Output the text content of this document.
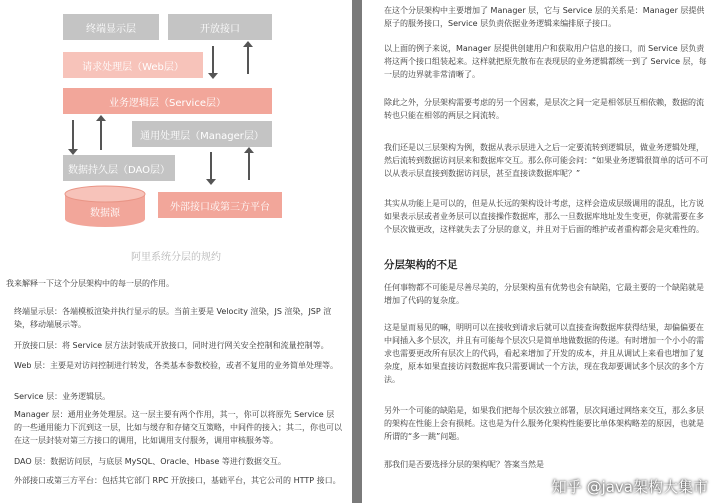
终端显示层	开放接口
请求处理层（Web层）
业务逻辑层（Service层）
通用处理层（Manager层）
数据持久层（DAO层）
数据源
外部接口或第三方平台
阿里系统分层的规约

我来解释一下这个分层架构中的每一层的作用。

终端显示层：各端模板渲染并执行显示的层。当前主要是 Velocity 渲染，JS 渲染，JSP 渲染，移动端展示等。

开放接口层：将 Service 层方法封装成开放接口，同时进行网关安全控制和流量控制等。

Web 层：主要是对访问控制进行转发，各类基本参数校验，或者不复用的业务简单处理等。

Service 层：业务逻辑层。

Manager 层：通用业务处理层。这一层主要有两个作用，其一，你可以将原先 Service 层的一些通用能力下沉到这一层，比如与缓存和存储交互策略，中间件的接入；其二，你也可以在这一层封装对第三方接口的调用，比如调用支付服务，调用审核服务等。

DAO 层：数据访问层，与底层 MySQL、Oracle、Hbase 等进行数据交互。

外部接口或第三方平台：包括其它部门 RPC 开放接口，基础平台，其它公司的 HTTP 接口。

在这个分层架构中主要增加了 Manager 层，它与 Service 层的关系是：Manager 层提供原子的服务接口，Service 层负责依据业务逻辑来编排原子接口。

以上面的例子来说，Manager 层提供创建用户和获取用户信息的接口，而 Service 层负责将这两个接口组装起来。这样就把原先散布在表现层的业务逻辑都统一到了 Service 层，每一层的边界就非常清晰了。

除此之外，分层架构需要考虑的另一个因素，是层次之间一定是相邻层互相依赖，数据的流转也只能在相邻的两层之间流转。

我们还是以三层架构为例，数据从表示层进入之后一定要流转到逻辑层，做业务逻辑处理，然后流转到数据访问层来和数据库交互。那么你可能会问：“如果业务逻辑很简单的话可不可以从表示层直接到数据访问层，甚至直接读数据库呢？”

其实从功能上是可以的，但是从长远的架构设计考虑，这样会造成层级调用的混乱，比方说如果表示层或者业务层可以直接操作数据库，那么一旦数据库地址发生变更，你就需要在多个层次做更改，这样就失去了分层的意义，并且对于后面的维护或者重构都会是灾难性的。

分层架构的不足

任何事物都不可能是尽善尽美的，分层架构虽有优势也会有缺陷，它最主要的一个缺陷就是增加了代码的复杂度。

这是显而易见的嘛，明明可以在接收到请求后就可以直接查询数据库获得结果，却偏偏要在中间插入多个层次，并且有可能每个层次只是简单地做数据的传递。有时增加一个小小的需求也需要更改所有层次上的代码，看起来增加了开发的成本，并且从调试上来看也增加了复杂度，原本如果直接访问数据库我只需要调试一个方法，现在我却要调试多个层次的多个方法。

另外一个可能的缺陷是，如果我们把每个层次独立部署，层次间通过网络来交互，那么多层的架构在性能上会有损耗。这也是为什么服务化架构性能要比单体架构略差的原因，也就是所谓的“多一跳”问题。

那我们是否要选择分层的架构呢？答案当然是

知乎 @java架构大集市
